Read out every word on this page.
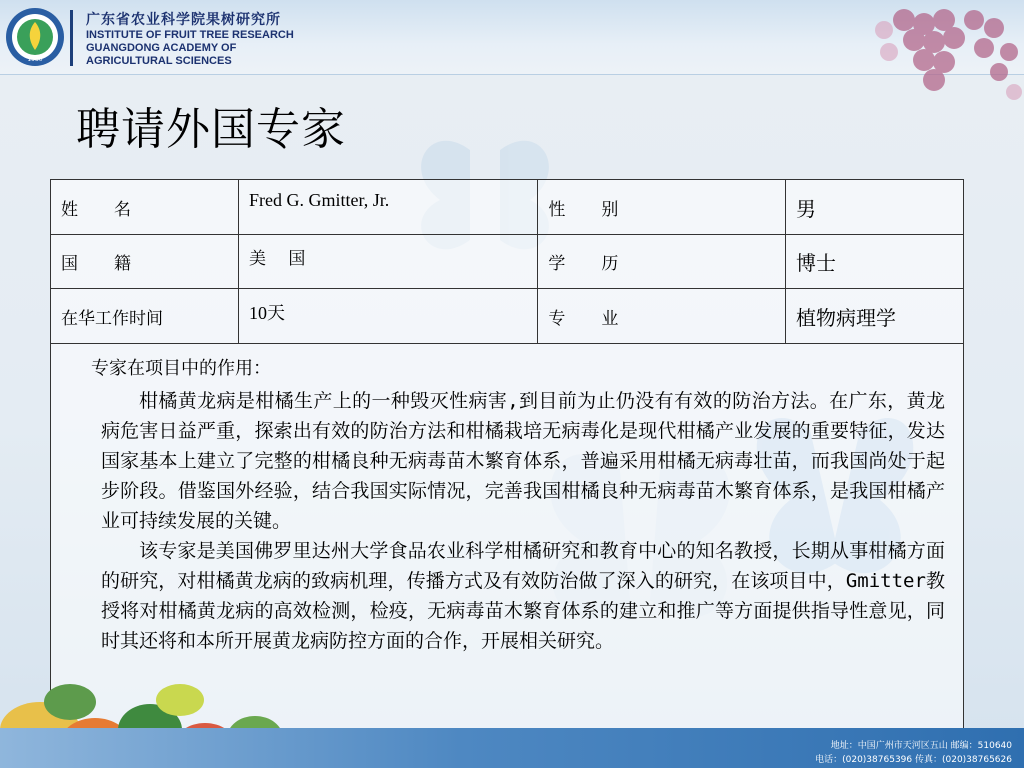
1930
广东省农业科学院果树研究所
INSTITUTE OF FRUIT TREE RESEARCH
GUANGDONG ACADEMY OF
AGRICULTURAL SCIENCES
聘请外国专家
姓 名	Fred G. Gmitter, Jr.	性 别	男
国 籍	美 国	学 历	博士
在华工作时间	10天	专 业	植物病理学

专家在项目中的作用：

柑橘黄龙病是柑橘生产上的一种毁灭性病害,到目前为止仍没有有效的防治方法。在广东，黄龙病危害日益严重，探索出有效的防治方法和柑橘栽培无病毒化是现代柑橘产业发展的重要特征，发达国家基本上建立了完整的柑橘良种无病毒苗木繁育体系，普遍采用柑橘无病毒壮苗，而我国尚处于起步阶段。借鉴国外经验，结合我国实际情况，完善我国柑橘良种无病毒苗木繁育体系，是我国柑橘产业可持续发展的关键。

该专家是美国佛罗里达州大学食品农业科学柑橘研究和教育中心的知名教授，长期从事柑橘方面的研究，对柑橘黄龙病的致病机理，传播方式及有效防治做了深入的研究，在该项目中，Gmitter教授将对柑橘黄龙病的高效检测，检疫，无病毒苗木繁育体系的建立和推广等方面提供指导性意见，同时其还将和本所开展黄龙病防控方面的合作，开展相关研究。			

地址：中国广州市天河区五山 邮编：510640
电话：(020)38765396 传真：(020)38765626
